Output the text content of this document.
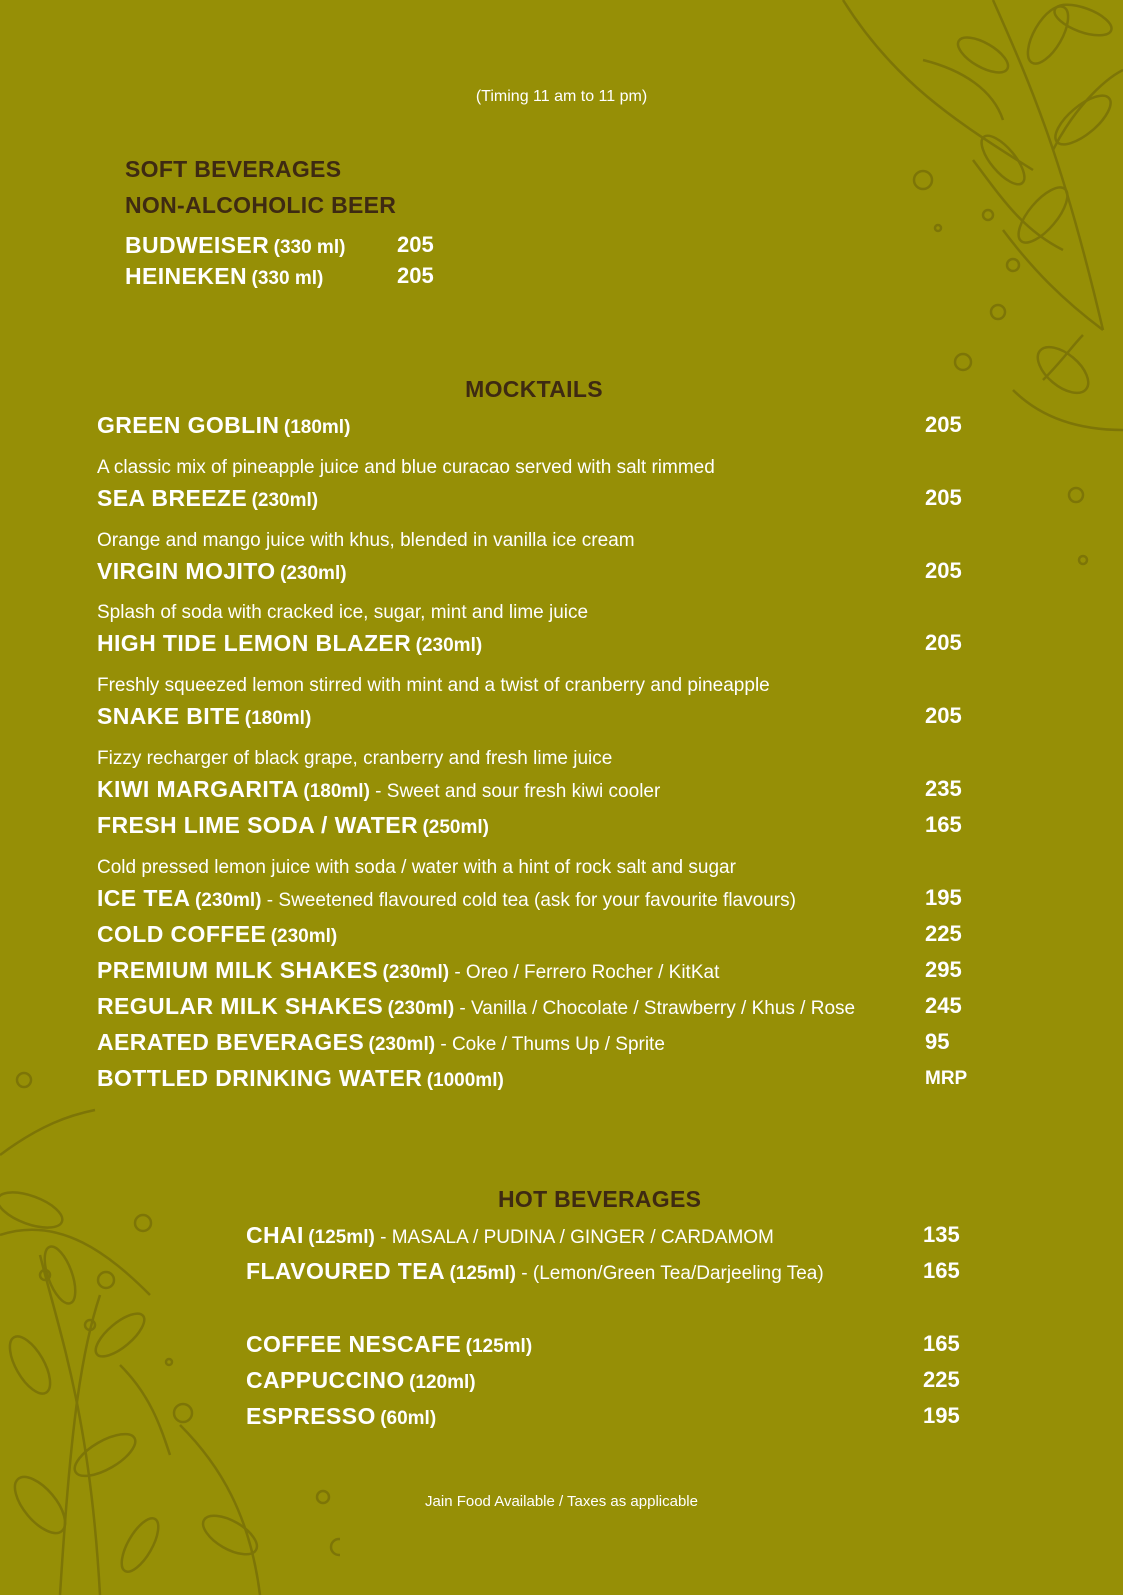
(Timing 11 am to 11 pm)
SOFT BEVERAGES
NON-ALCOHOLIC BEER
BUDWEISER (330 ml) 205
HEINEKEN (330 ml)	205
MOCKTAILS
GREEN GOBLIN (180ml)	205
A classic mix of pineapple juice and blue curacao served with salt rimmed
SEA BREEZE (230ml)	205
Orange and mango juice with khus, blended in vanilla ice cream
VIRGIN MOJITO (230ml)	205
Splash of soda with cracked ice, sugar, mint and lime juice
HIGH TIDE LEMON BLAZER (230ml)	205
Freshly squeezed lemon stirred with mint and a twist of cranberry and pineapple
SNAKE BITE (180ml)	205
Fizzy recharger of black grape, cranberry and fresh lime juice
KIWI MARGARITA (180ml) - Sweet and sour fresh kiwi cooler	235
FRESH LIME SODA / WATER (250ml)	165
Cold pressed lemon juice with soda / water with a hint of rock salt and sugar
ICE TEA (230ml) - Sweetened flavoured cold tea (ask for your favourite flavours)	195
COLD COFFEE (230ml)	225
PREMIUM MILK SHAKES (230ml) - Oreo / Ferrero Rocher / KitKat	295
REGULAR MILK SHAKES (230ml) - Vanilla / Chocolate / Strawberry / Khus / Rose	245
AERATED BEVERAGES (230ml) - Coke / Thums Up / Sprite	95
BOTTLED DRINKING WATER (1000ml)	MRP
HOT BEVERAGES
CHAI (125ml) - MASALA / PUDINA / GINGER / CARDAMOM	135
FLAVOURED TEA (125ml) - (Lemon/Green Tea/Darjeeling Tea)	165
COFFEE NESCAFE (125ml)	165
CAPPUCCINO (120ml)	225
ESPRESSO (60ml)	195
Jain Food Available / Taxes as applicable
